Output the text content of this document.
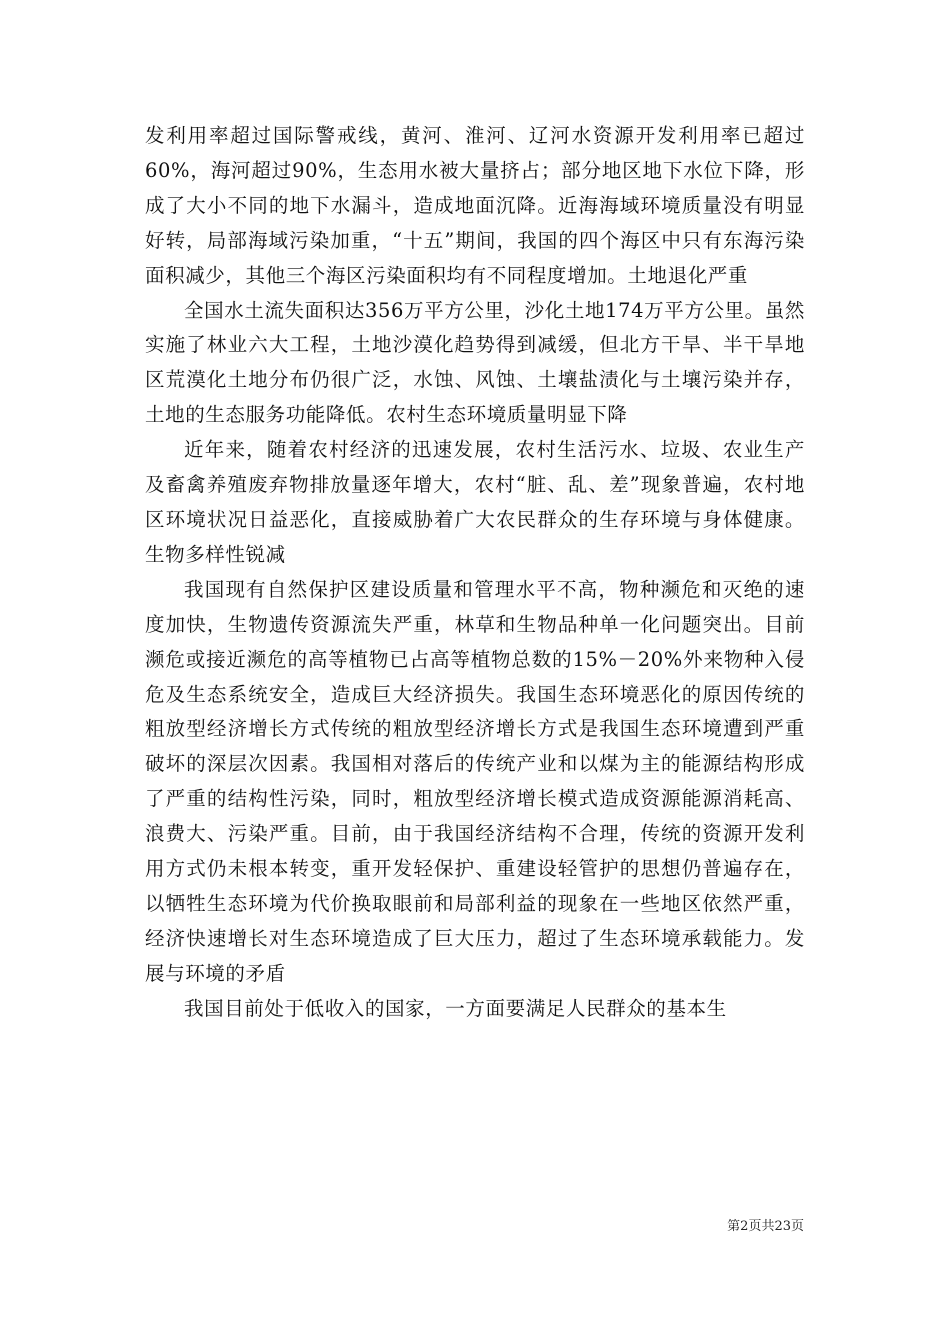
发利用率超过国际警戒线，黄河、淮河、辽河水资源开发利用率已超过60%，海河超过90%，生态用水被大量挤占；部分地区地下水位下降，形成了大小不同的地下水漏斗，造成地面沉降。近海海域环境质量没有明显好转，局部海域污染加重，“十五”期间，我国的四个海区中只有东海污染面积减少，其他三个海区污染面积均有不同程度增加。土地退化严重

全国水土流失面积达356万平方公里，沙化土地174万平方公里。虽然实施了林业六大工程，土地沙漠化趋势得到减缓，但北方干旱、半干旱地区荒漠化土地分布仍很广泛，水蚀、风蚀、土壤盐渍化与土壤污染并存，土地的生态服务功能降低。农村生态环境质量明显下降

近年来，随着农村经济的迅速发展，农村生活污水、垃圾、农业生产及畜禽养殖废弃物排放量逐年增大，农村“脏、乱、差”现象普遍，农村地区环境状况日益恶化，直接威胁着广大农民群众的生存环境与身体健康。生物多样性锐减

我国现有自然保护区建设质量和管理水平不高，物种濒危和灭绝的速度加快，生物遗传资源流失严重，林草和生物品种单一化问题突出。目前濒危或接近濒危的高等植物已占高等植物总数的15%－20%外来物种入侵危及生态系统安全，造成巨大经济损失。我国生态环境恶化的原因传统的粗放型经济增长方式传统的粗放型经济增长方式是我国生态环境遭到严重破坏的深层次因素。我国相对落后的传统产业和以煤为主的能源结构形成了严重的结构性污染，同时，粗放型经济增长模式造成资源能源消耗高、浪费大、污染严重。目前，由于我国经济结构不合理，传统的资源开发利用方式仍未根本转变，重开发轻保护、重建设轻管护的思想仍普遍存在，以牺牲生态环境为代价换取眼前和局部利益的现象在一些地区依然严重，经济快速增长对生态环境造成了巨大压力，超过了生态环境承载能力。发展与环境的矛盾

我国目前处于低收入的国家，一方面要满足人民群众的基本生

第2页共23页
